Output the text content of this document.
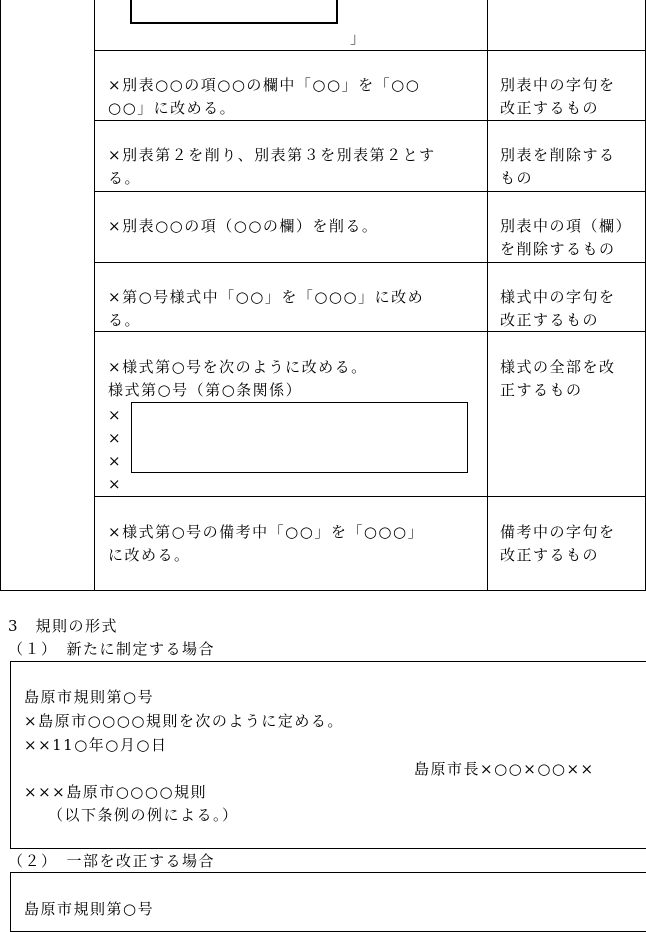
」
×別表○○の項○○の欄中「○○」を「○○
○○」に改める。
別表中の字句を
改正するもの
×別表第２を削り、別表第３を別表第２とす
る。
別表を削除する
もの
×別表○○の項（○○の欄）を削る。	別表中の項（欄）
を削除するもの
×第○号様式中「○○」を「○○○」に改め
る。
様式中の字句を
改正するもの
×様式第○号を次のように改める。
様式第○号（第○条関係）
×
×
×
×
様式の全部を改
正するもの
×様式第○号の備考中「○○」を「○○○」
に改める。
備考中の字句を
改正するもの
3　規則の形式
（１）　新たに制定する場合
島原市規則第○号
×島原市○○○○規則を次のように定める。
××11○年○月○日
島原市長×○○×○○××
×××島原市○○○○規則
（以下条例の例による。）
（２）　一部を改正する場合
島原市規則第○号
